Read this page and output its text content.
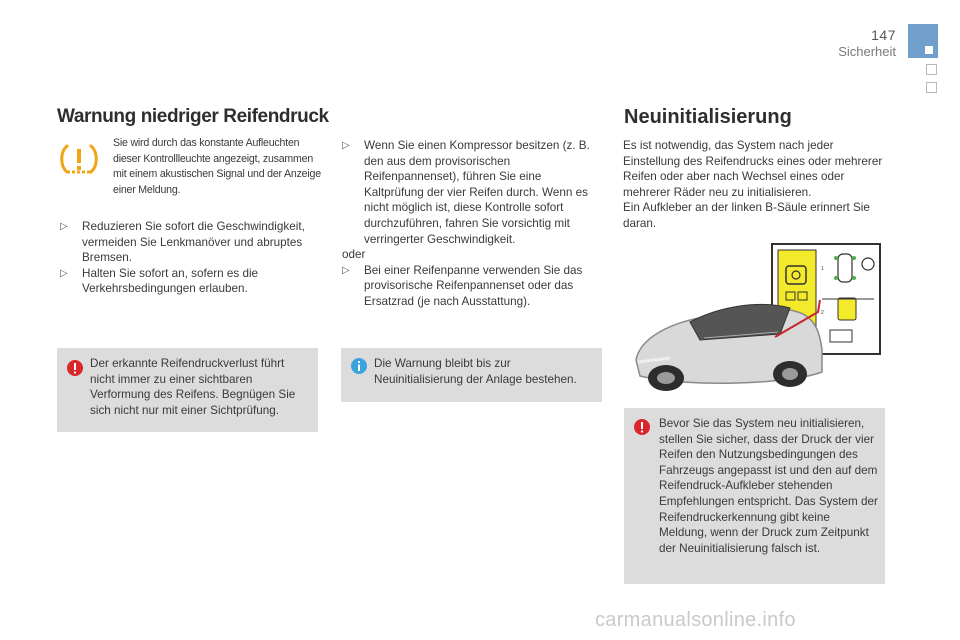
147
Sicherheit
Warnung niedriger Reifendruck
Sie wird durch das konstante Aufleuchten dieser Kontrollleuchte angezeigt, zusammen mit einem akustischen Signal und der Anzeige einer Meldung.
▷ Reduzieren Sie sofort die Geschwindigkeit, vermeiden Sie Lenkmanöver und abruptes Bremsen.
▷ Halten Sie sofort an, sofern es die Verkehrsbedingungen erlauben.
Der erkannte Reifendruckverlust führt nicht immer zu einer sichtbaren Verformung des Reifens. Begnügen Sie sich nicht nur mit einer Sichtprüfung.
▷ Wenn Sie einen Kompressor besitzen (z. B. den aus dem provisorischen Reifenpannenset), führen Sie eine Kaltprüfung der vier Reifen durch. Wenn es nicht möglich ist, diese Kontrolle sofort durchzuführen, fahren Sie vorsichtig mit verringerter Geschwindigkeit.
oder
▷ Bei einer Reifenpanne verwenden Sie das provisorische Reifenpannenset oder das Ersatzrad (je nach Ausstattung).
Die Warnung bleibt bis zur Neuinitialisierung der Anlage bestehen.
Neuinitialisierung
Es ist notwendig, das System nach jeder Einstellung des Reifendrucks eines oder mehrerer Reifen oder aber nach Wechsel eines oder mehrerer Räder neu zu initialisieren.
Ein Aufkleber an der linken B-Säule erinnert Sie daran.
1
2
Bevor Sie das System neu initialisieren, stellen Sie sicher, dass der Druck der vier Reifen den Nutzungsbedingungen des Fahrzeugs angepasst ist und den auf dem Reifendruck-Aufkleber stehenden Empfehlungen entspricht. Das System der Reifendruckerkennung gibt keine Meldung, wenn der Druck zum Zeitpunkt der Neuinitialisierung falsch ist.
carmanualsonline.info
